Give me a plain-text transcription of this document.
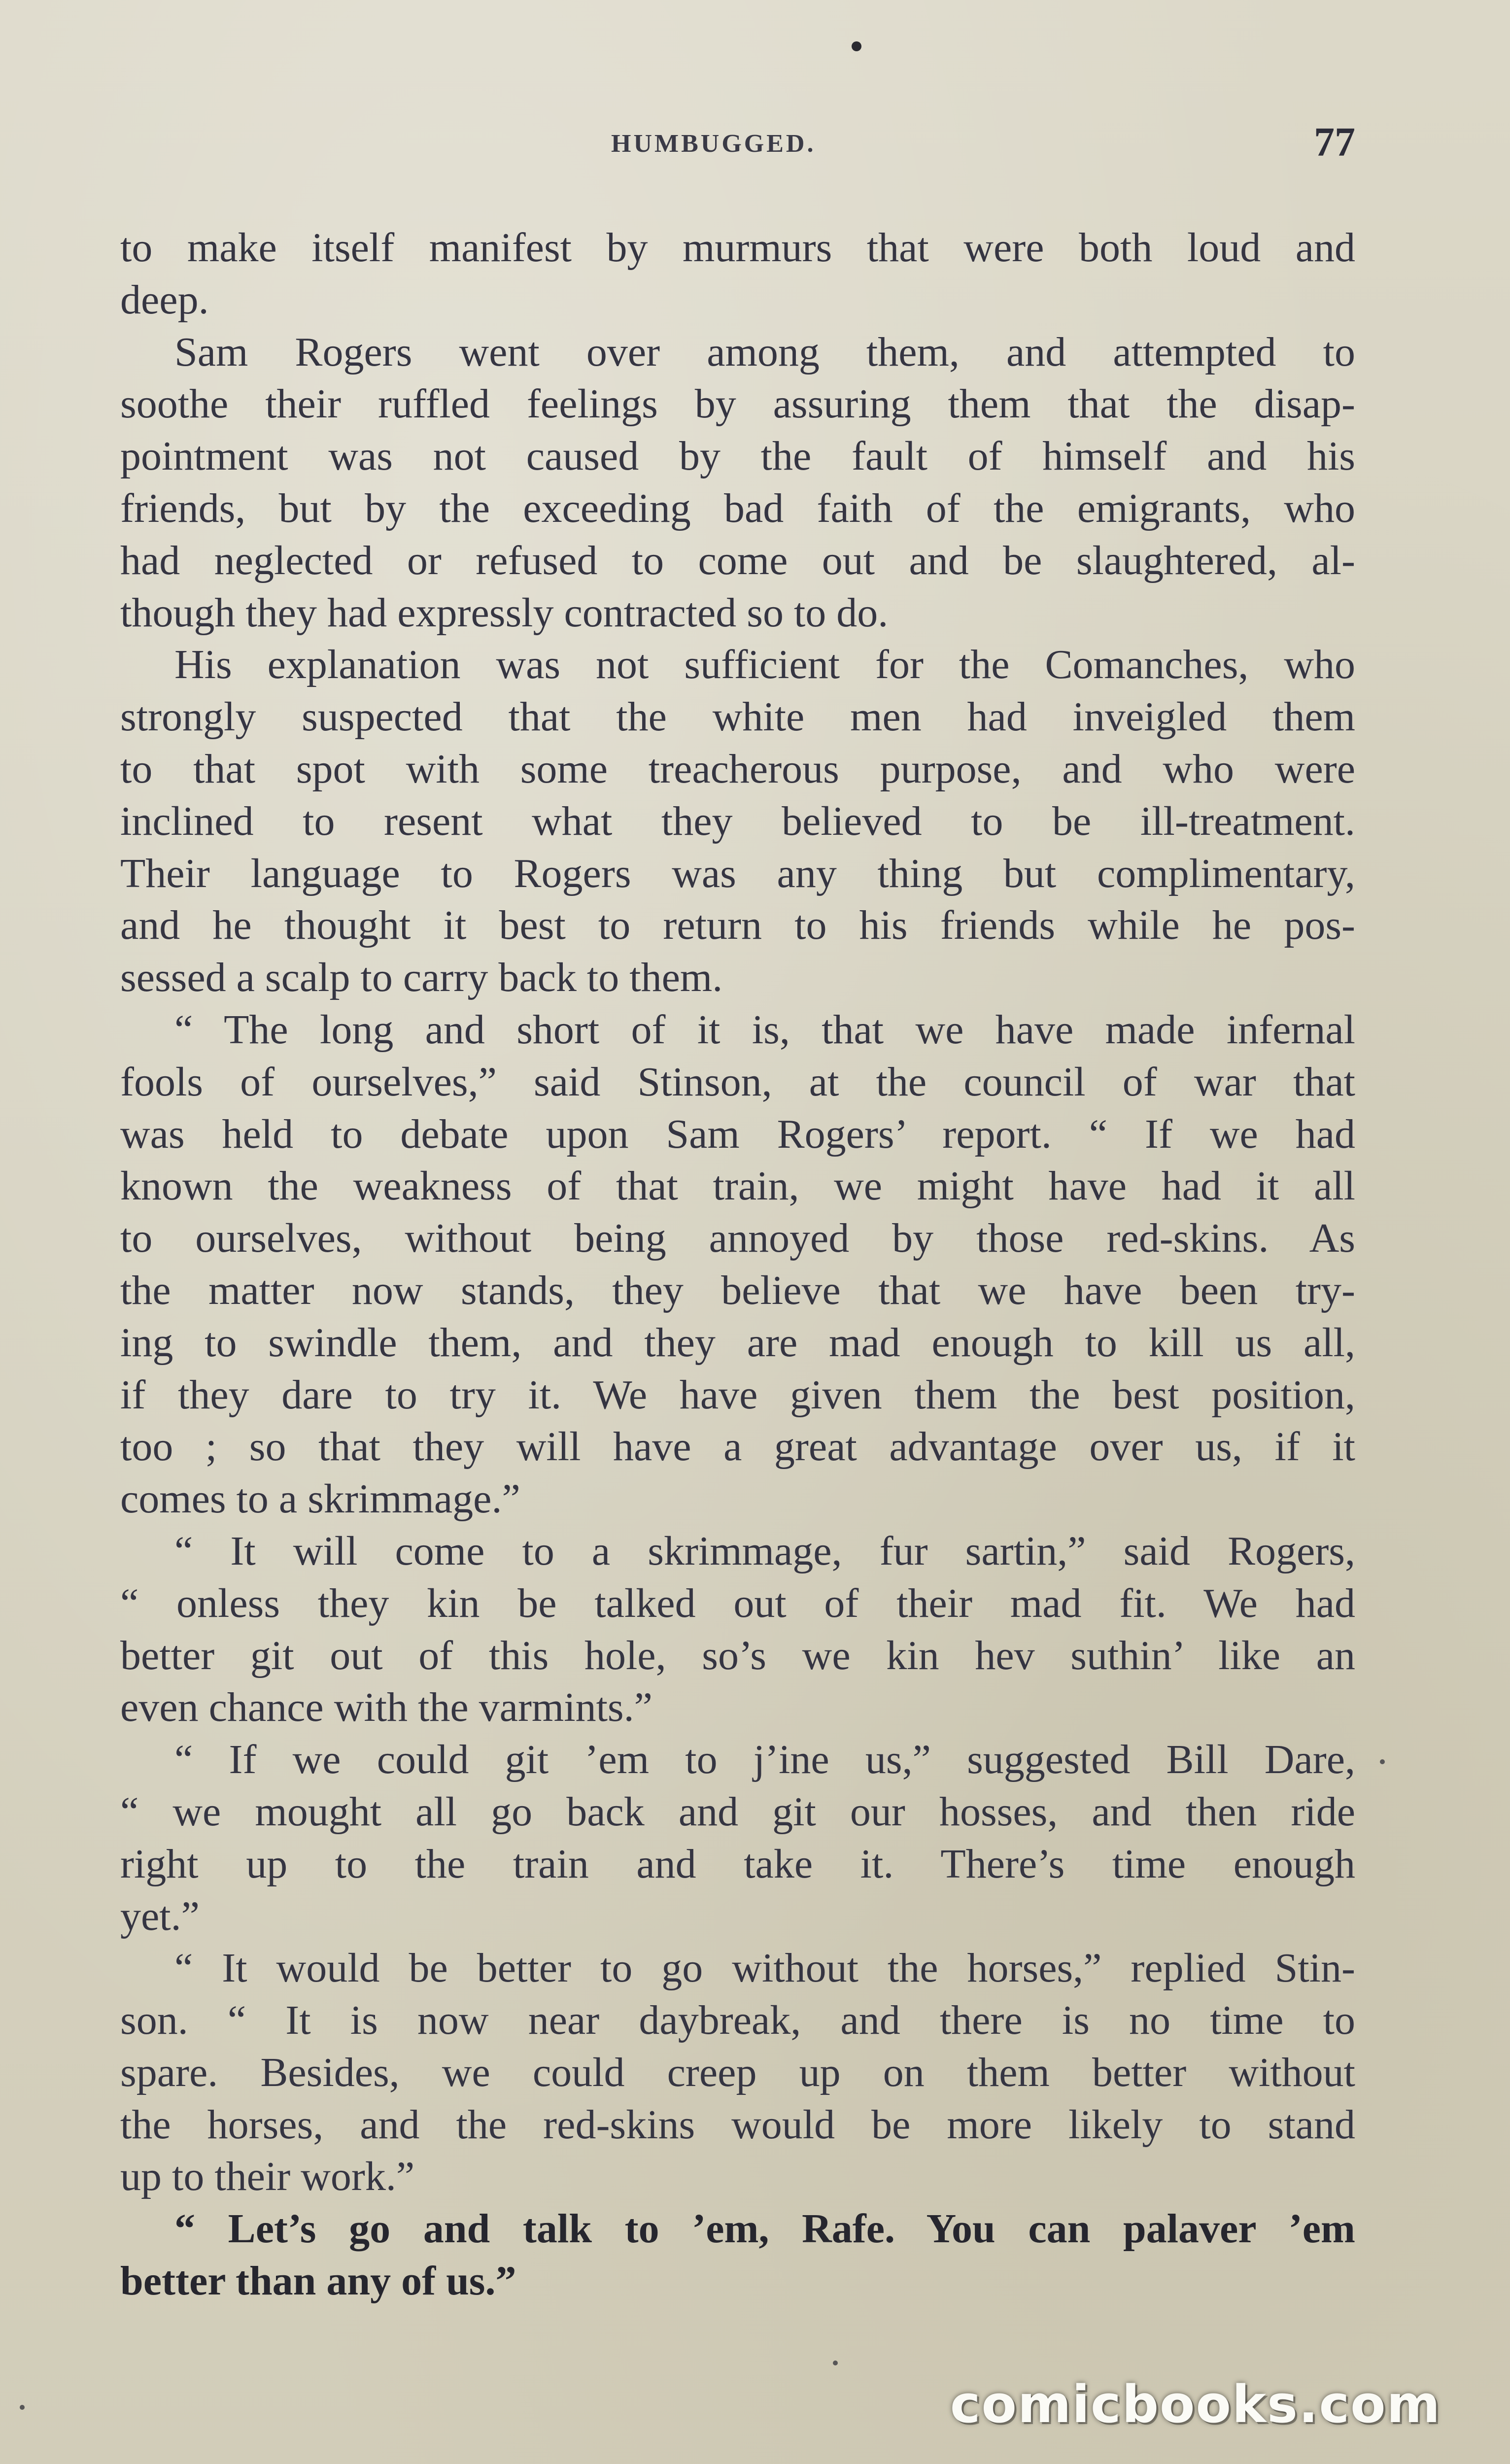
HUMBUGGED.	77
to make itself manifest by murmurs that were both loud and
deep.
Sam Rogers went over among them, and attempted to
soothe their ruffled feelings by assuring them that the disap-
pointment was not caused by the fault of himself and his
friends, but by the exceeding bad faith of the emigrants, who
had neglected or refused to come out and be slaughtered, al-
though they had expressly contracted so to do.
His explanation was not sufficient for the Comanches, who
strongly suspected that the white men had inveigled them
to that spot with some treacherous purpose, and who were
inclined to resent what they believed to be ill-treatment.
Their language to Rogers was any thing but complimentary,
and he thought it best to return to his friends while he pos-
sessed a scalp to carry back to them.
“ The long and short of it is, that we have made infernal
fools of ourselves,” said Stinson, at the council of war that
was held to debate upon Sam Rogers’ report. “ If we had
known the weakness of that train, we might have had it all
to ourselves, without being annoyed by those red-skins. As
the matter now stands, they believe that we have been try-
ing to swindle them, and they are mad enough to kill us all,
if they dare to try it. We have given them the best position,
too ; so that they will have a great advantage over us, if it
comes to a skrimmage.”
“ It will come to a skrimmage, fur sartin,” said Rogers,
“ onless they kin be talked out of their mad fit. We had
better git out of this hole, so’s we kin hev suthin’ like an
even chance with the varmints.”
“ If we could git ’em to j’ine us,” suggested Bill Dare,
“ we mought all go back and git our hosses, and then ride
right up to the train and take it. There’s time enough
yet.”
“ It would be better to go without the horses,” replied Stin-
son. “ It is now near daybreak, and there is no time to
spare. Besides, we could creep up on them better without
the horses, and the red-skins would be more likely to stand
up to their work.”
“ Let’s go and talk to ’em, Rafe. You can palaver ’em
better than any of us.”
comicbooks.com
